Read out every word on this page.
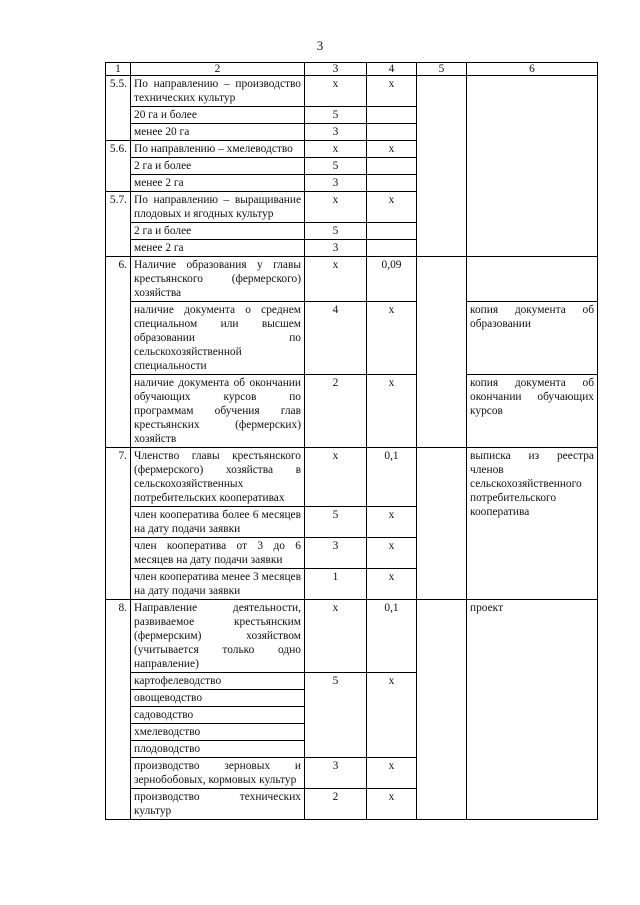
3
1	2	3	4	5	6
5.5.	По направлению – производство технических культур	х	х		
	20 га и более	5			
	менее 20 га	3			
5.6.	По направлению – хмелеводство	х	х		
	2 га и более	5			
	менее 2 га	3			
5.7.	По направлению – выращивание плодовых и ягодных культур	х	х		
	2 га и более	5			
	менее 2 га	3			
6.	Наличие образования у главы крестьянского (фермерского) хозяйства	х	0,09		
	наличие документа о среднем специальном или высшем образовании по сельскохозяйственной специальности	4	х		копия документа об образовании
	наличие документа об окончании обучающих курсов по программам обучения глав крестьянских (фермерских) хозяйств	2	х		копия документа об окончании обучающих курсов
7.	Членство главы крестьянского (фермерского) хозяйства в сельскохозяйственных потребительских кооперативах	х	0,1		выписка из реестра членов сельскохозяйственного потребительского кооператива
	член кооператива более 6 месяцев на дату подачи заявки	5	х		
	член кооператива от 3 до 6 месяцев на дату подачи заявки	3	х		
	член кооператива менее 3 месяцев на дату подачи заявки	1	х		
8.	Направление деятельности, развиваемое крестьянским (фермерским) хозяйством (учитывается только одно направление)	х	0,1		проект
	картофелеводство	5	х		
	овощеводство				
	садоводство				
	хмелеводство				
	плодоводство				
	производство зерновых и зернобобовых, кормовых культур	3	х		
	производство технических культур	2	х		
